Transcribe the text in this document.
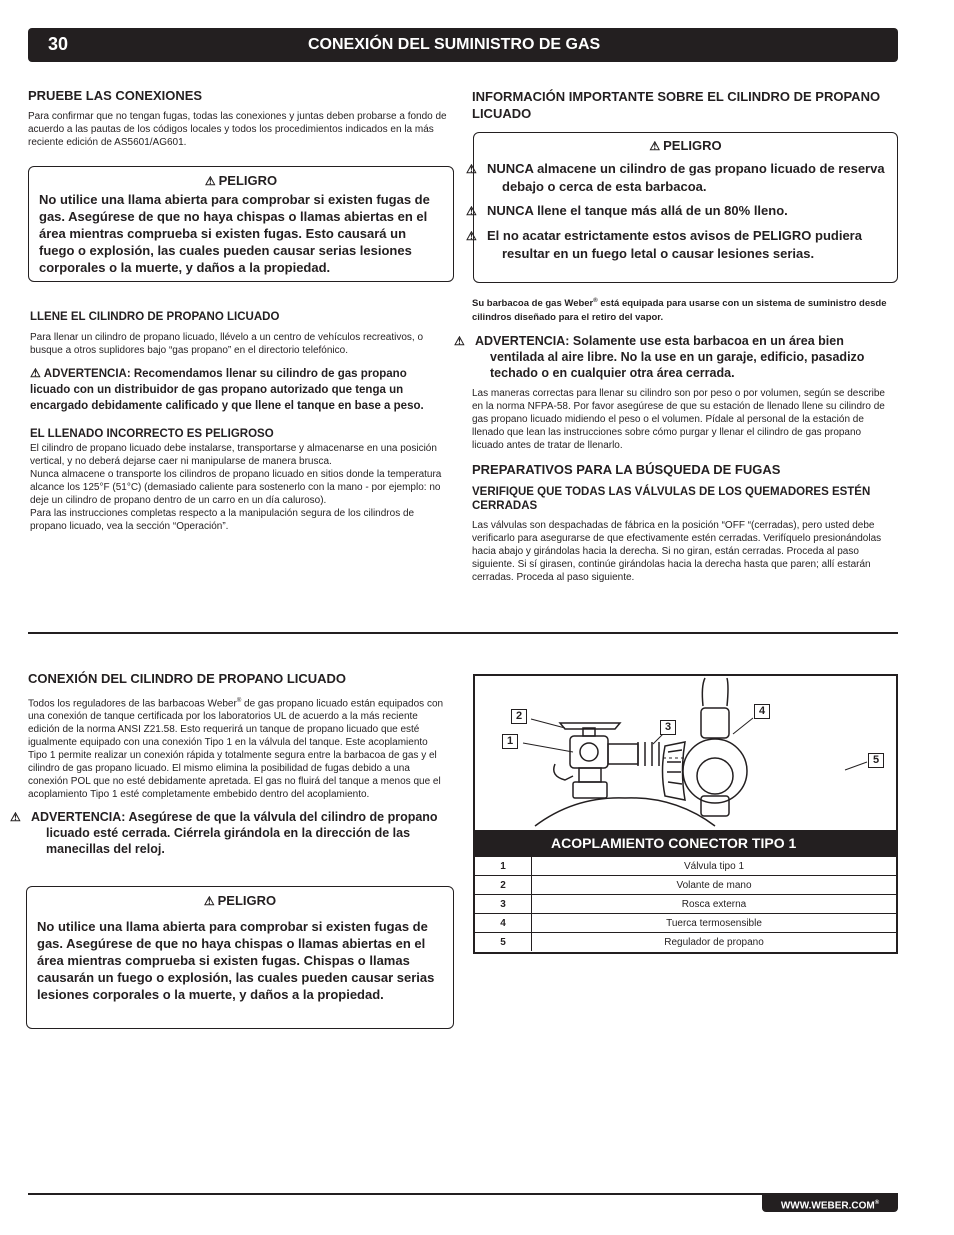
30	CONEXIÓN DEL SUMINISTRO DE GAS

PRUEBE LAS CONEXIONES

Para confirmar que no tengan fugas, todas las conexiones y juntas deben probarse a fondo de acuerdo a las pautas de los códigos locales y todos los procedimientos indicados en la más reciente edición de AS5601/AG601.

⚠ PELIGRO
No utilice una llama abierta para comprobar si existen fugas de gas. Asegúrese de que no haya chispas o llamas abiertas en el área mientras comprueba si existen fugas. Esto causará un fuego o explosión, las cuales pueden causar serias lesiones corporales o la muerte, y daños a la propiedad.

LLENE EL CILINDRO DE PROPANO LICUADO

Para llenar un cilindro de propano licuado, llévelo a un centro de vehículos recreativos, o busque a otros suplidores bajo “gas propano” en el directorio telefónico.

⚠ ADVERTENCIA: Recomendamos llenar su cilindro de gas propano licuado con un distribuidor de gas propano autorizado que tenga un encargado debidamente calificado y que llene el tanque en base a peso.

EL LLENADO INCORRECTO ES PELIGROSO

El cilindro de propano licuado debe instalarse, transportarse y almacenarse en una posición vertical, y no deberá dejarse caer ni manipularse de manera brusca.

Nunca almacene o transporte los cilindros de propano licuado en sitios donde la temperatura alcance los 125°F (51°C) (demasiado caliente para sostenerlo con la mano - por ejemplo: no deje un cilindro de propano dentro de un carro en un día caluroso).

Para las instrucciones completas respecto a la manipulación segura de los cilindros de propano licuado, vea la sección “Operación”.

INFORMACIÓN IMPORTANTE SOBRE EL CILINDRO DE PROPANO LICUADO

⚠ PELIGRO

⚠ NUNCA almacene un cilindro de gas propano licuado de reserva debajo o cerca de esta barbacoa.

⚠ NUNCA llene el tanque más allá de un 80% lleno.

⚠ El no acatar estrictamente estos avisos de PELIGRO pudiera resultar en un fuego letal o causar lesiones serias.

Su barbacoa de gas Weber® está equipada para usarse con un sistema de suministro desde cilindros diseñado para el retiro del vapor.

⚠ ADVERTENCIA: Solamente use esta barbacoa en un área bien ventilada al aire libre. No la use en un garaje, edificio, pasadizo techado o en cualquier otra área cerrada.

Las maneras correctas para llenar su cilindro son por peso o por volumen, según se describe en la norma NFPA-58. Por favor asegúrese de que su estación de llenado llene su cilindro de gas propano licuado midiendo el peso o el volumen. Pídale al personal de la estación de llenado que lean las instrucciones sobre cómo purgar y llenar el cilindro de gas propano licuado antes de tratar de llenarlo.

PREPARATIVOS PARA LA BÚSQUEDA DE FUGAS

VERIFIQUE QUE TODAS LAS VÁLVULAS DE LOS QUEMADORES ESTÉN CERRADAS

Las válvulas son despachadas de fábrica en la posición “OFF “(cerradas), pero usted debe verificarlo para asegurarse de que efectivamente estén cerradas. Verifíquelo presionándolas hacia abajo y girándolas hacia la derecha. Si no giran, están cerradas. Proceda al paso siguiente. Si sí girasen, continúe girándolas hacia la derecha hasta que paren; allí estarán cerradas. Proceda al paso siguiente.

CONEXIÓN DEL CILINDRO DE PROPANO LICUADO

Todos los reguladores de las barbacoas Weber® de gas propano licuado están equipados con una conexión de tanque certificada por los laboratorios UL de acuerdo a la más reciente edición de la norma ANSI Z21.58. Esto requerirá un tanque de propano licuado que esté igualmente equipado con una conexión Tipo 1 en la válvula del tanque. Este acoplamiento Tipo 1 permite realizar un conexión rápida y totalmente segura entre la barbacoa de gas y el cilindro de gas propano licuado. El mismo elimina la posibilidad de fugas debido a una conexión POL que no esté debidamente apretada. El gas no fluirá del tanque a menos que el acoplamiento Tipo 1 esté completamente embebido dentro del acoplamiento.

⚠ ADVERTENCIA: Asegúrese de que la válvula del cilindro de propano licuado esté cerrada. Ciérrela girándola en la dirección de las manecillas del reloj.

⚠ PELIGRO
No utilice una llama abierta para comprobar si existen fugas de gas. Asegúrese de que no haya chispas o llamas abiertas en el área mientras comprueba si existen fugas. Chispas o llamas causarán un fuego o explosión, las cuales pueden causar serias lesiones corporales o la muerte, y daños a la propiedad.
1
2
3
4
5
ACOPLAMIENTO CONECTOR TIPO 1
1	Válvula tipo 1
2	Volante de mano
3	Rosca externa
4	Tuerca termosensible
5	Regulador de propano
WWW.WEBER.COM®
